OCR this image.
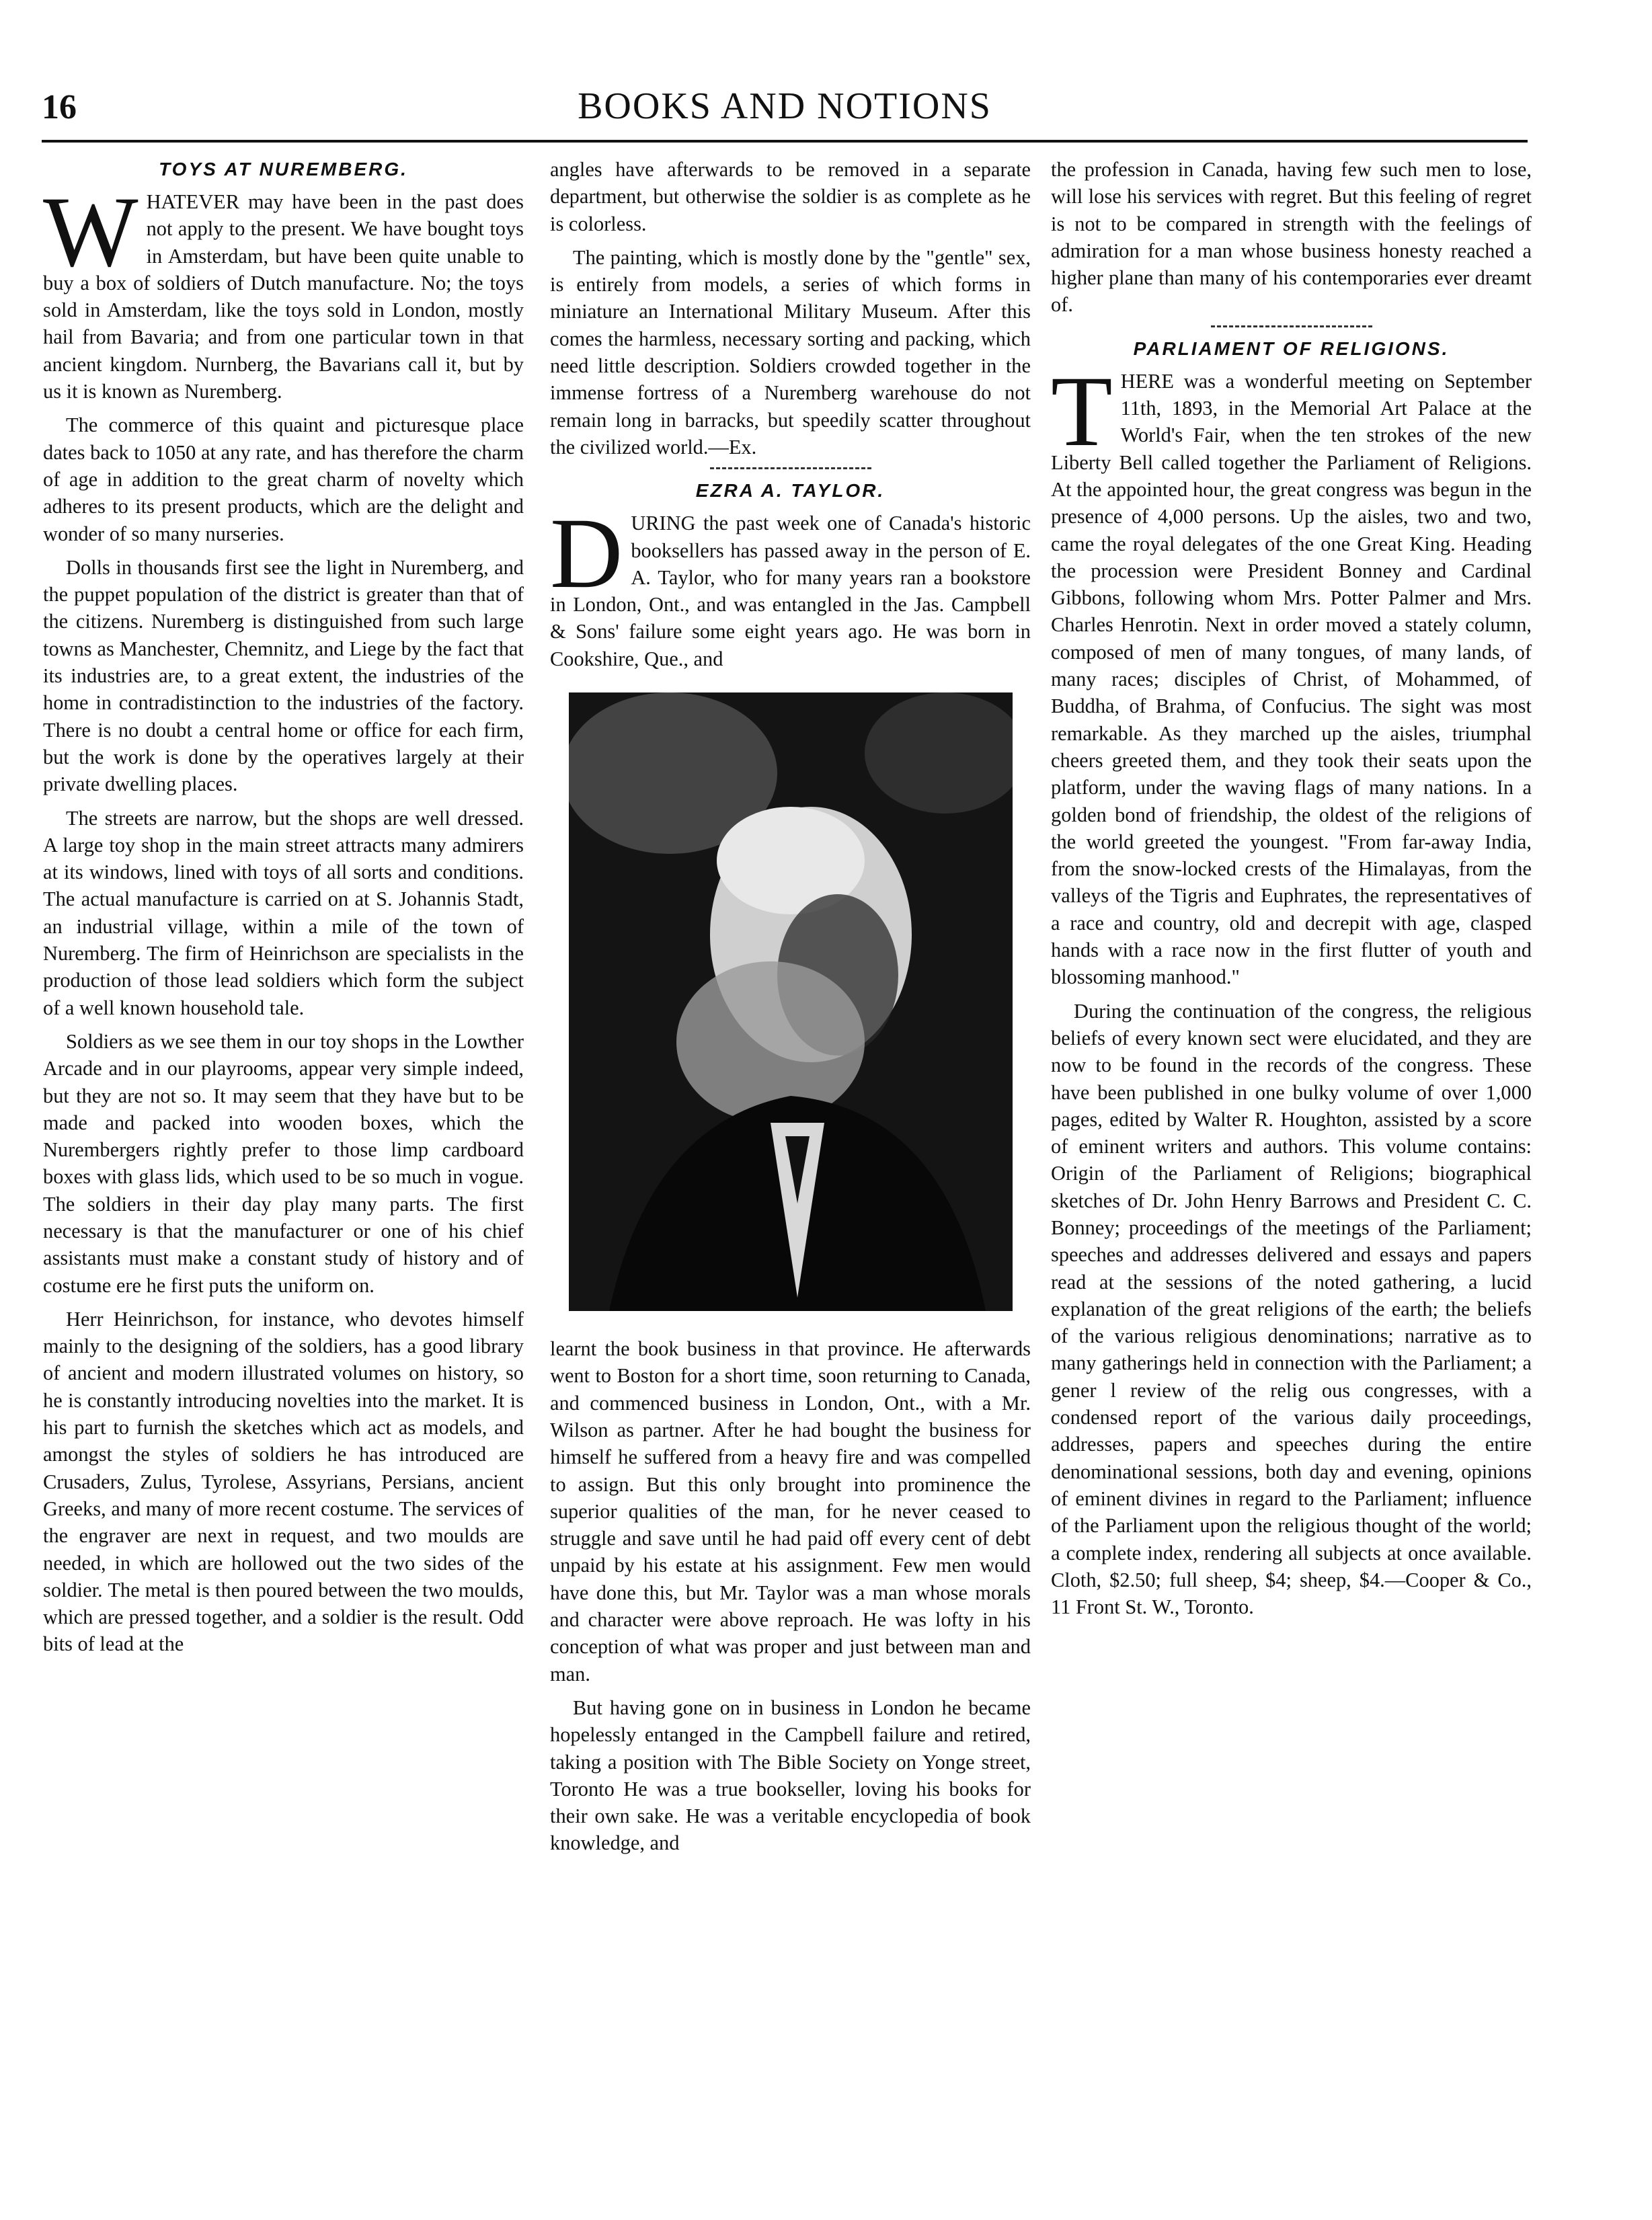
16	BOOKS AND NOTIONS
TOYS AT NUREMBERG.

W HATEVER may have been in the past does not apply to the present. We have bought toys in Amsterdam, but have been quite unable to buy a box of soldiers of Dutch manufacture. No; the toys sold in Amsterdam, like the toys sold in London, mostly hail from Bavaria; and from one particular town in that ancient kingdom. Nurnberg, the Bavarians call it, but by us it is known as Nuremberg.

The commerce of this quaint and picturesque place dates back to 1050 at any rate, and has therefore the charm of age in addition to the great charm of novelty which adheres to its present products, which are the delight and wonder of so many nurseries.

Dolls in thousands first see the light in Nuremberg, and the puppet population of the district is greater than that of the citizens. Nuremberg is distinguished from such large towns as Manchester, Chemnitz, and Liege by the fact that its industries are, to a great extent, the industries of the home in contradistinction to the industries of the factory. There is no doubt a central home or office for each firm, but the work is done by the operatives largely at their private dwelling places.

The streets are narrow, but the shops are well dressed. A large toy shop in the main street attracts many admirers at its windows, lined with toys of all sorts and conditions. The actual manufacture is carried on at S. Johannis Stadt, an industrial village, within a mile of the town of Nuremberg. The firm of Heinrichson are specialists in the production of those lead soldiers which form the subject of a well known household tale.

Soldiers as we see them in our toy shops in the Lowther Arcade and in our playrooms, appear very simple indeed, but they are not so. It may seem that they have but to be made and packed into wooden boxes, which the Nurembergers rightly prefer to those limp cardboard boxes with glass lids, which used to be so much in vogue. The soldiers in their day play many parts. The first necessary is that the manufacturer or one of his chief assistants must make a constant study of history and of costume ere he first puts the uniform on.

Herr Heinrichson, for instance, who devotes himself mainly to the designing of the soldiers, has a good library of ancient and modern illustrated volumes on history, so he is constantly introducing novelties into the market. It is his part to furnish the sketches which act as models, and amongst the styles of soldiers he has introduced are Crusaders, Zulus, Tyrolese, Assyrians, Persians, ancient Greeks, and many of more recent costume. The services of the engraver are next in request, and two moulds are needed, in which are hollowed out the two sides of the soldier. The metal is then poured between the two moulds, which are pressed together, and a soldier is the result. Odd bits of lead at the

angles have afterwards to be removed in a separate department, but otherwise the soldier is as complete as he is colorless.

The painting, which is mostly done by the "gentle" sex, is entirely from models, a series of which forms in miniature an International Military Museum. After this comes the harmless, necessary sorting and packing, which need little description. Soldiers crowded together in the immense fortress of a Nuremberg warehouse do not remain long in barracks, but speedily scatter throughout the civilized world.—Ex.

EZRA A. TAYLOR.

D URING the past week one of Canada's historic booksellers has passed away in the person of E. A. Taylor, who for many years ran a bookstore in London, Ont., and was entangled in the Jas. Campbell & Sons' failure some eight years ago. He was born in Cookshire, Que., and

learnt the book business in that province. He afterwards went to Boston for a short time, soon returning to Canada, and commenced business in London, Ont., with a Mr. Wilson as partner. After he had bought the business for himself he suffered from a heavy fire and was compelled to assign. But this only brought into prominence the superior qualities of the man, for he never ceased to struggle and save until he had paid off every cent of debt unpaid by his estate at his assignment. Few men would have done this, but Mr. Taylor was a man whose morals and character were above reproach. He was lofty in his conception of what was proper and just between man and man.

But having gone on in business in London he became hopelessly entanged in the Campbell failure and retired, taking a position with The Bible Society on Yonge street, Toronto He was a true bookseller, loving his books for their own sake. He was a veritable encyclopedia of book knowledge, and

the profession in Canada, having few such men to lose, will lose his services with regret. But this feeling of regret is not to be compared in strength with the feelings of admiration for a man whose business honesty reached a higher plane than many of his contemporaries ever dreamt of.

PARLIAMENT OF RELIGIONS.

T HERE was a wonderful meeting on September 11th, 1893, in the Memorial Art Palace at the World's Fair, when the ten strokes of the new Liberty Bell called together the Parliament of Religions. At the appointed hour, the great congress was begun in the presence of 4,000 persons. Up the aisles, two and two, came the royal delegates of the one Great King. Heading the procession were President Bonney and Cardinal Gibbons, following whom Mrs. Potter Palmer and Mrs. Charles Henrotin. Next in order moved a stately column, composed of men of many tongues, of many lands, of many races; disciples of Christ, of Mohammed, of Buddha, of Brahma, of Confucius. The sight was most remarkable. As they marched up the aisles, triumphal cheers greeted them, and they took their seats upon the platform, under the waving flags of many nations. In a golden bond of friendship, the oldest of the religions of the world greeted the youngest. "From far-away India, from the snow-locked crests of the Himalayas, from the valleys of the Tigris and Euphrates, the representatives of a race and country, old and decrepit with age, clasped hands with a race now in the first flutter of youth and blossoming manhood."

During the continuation of the congress, the religious beliefs of every known sect were elucidated, and they are now to be found in the records of the congress. These have been published in one bulky volume of over 1,000 pages, edited by Walter R. Houghton, assisted by a score of eminent writers and authors. This volume contains: Origin of the Parliament of Religions; biographical sketches of Dr. John Henry Barrows and President C. C. Bonney; proceedings of the meetings of the Parliament; speeches and addresses delivered and essays and papers read at the sessions of the noted gathering, a lucid explanation of the great religions of the earth; the beliefs of the various religious denominations; narrative as to many gatherings held in connection with the Parliament; a gener l review of the relig ous congresses, with a condensed report of the various daily proceedings, addresses, papers and speeches during the entire denominational sessions, both day and evening, opinions of eminent divines in regard to the Parliament; influence of the Parliament upon the religious thought of the world; a complete index, rendering all subjects at once available. Cloth, $2.50; full sheep, $4; sheep, $4.—Cooper & Co., 11 Front St. W., Toronto.
